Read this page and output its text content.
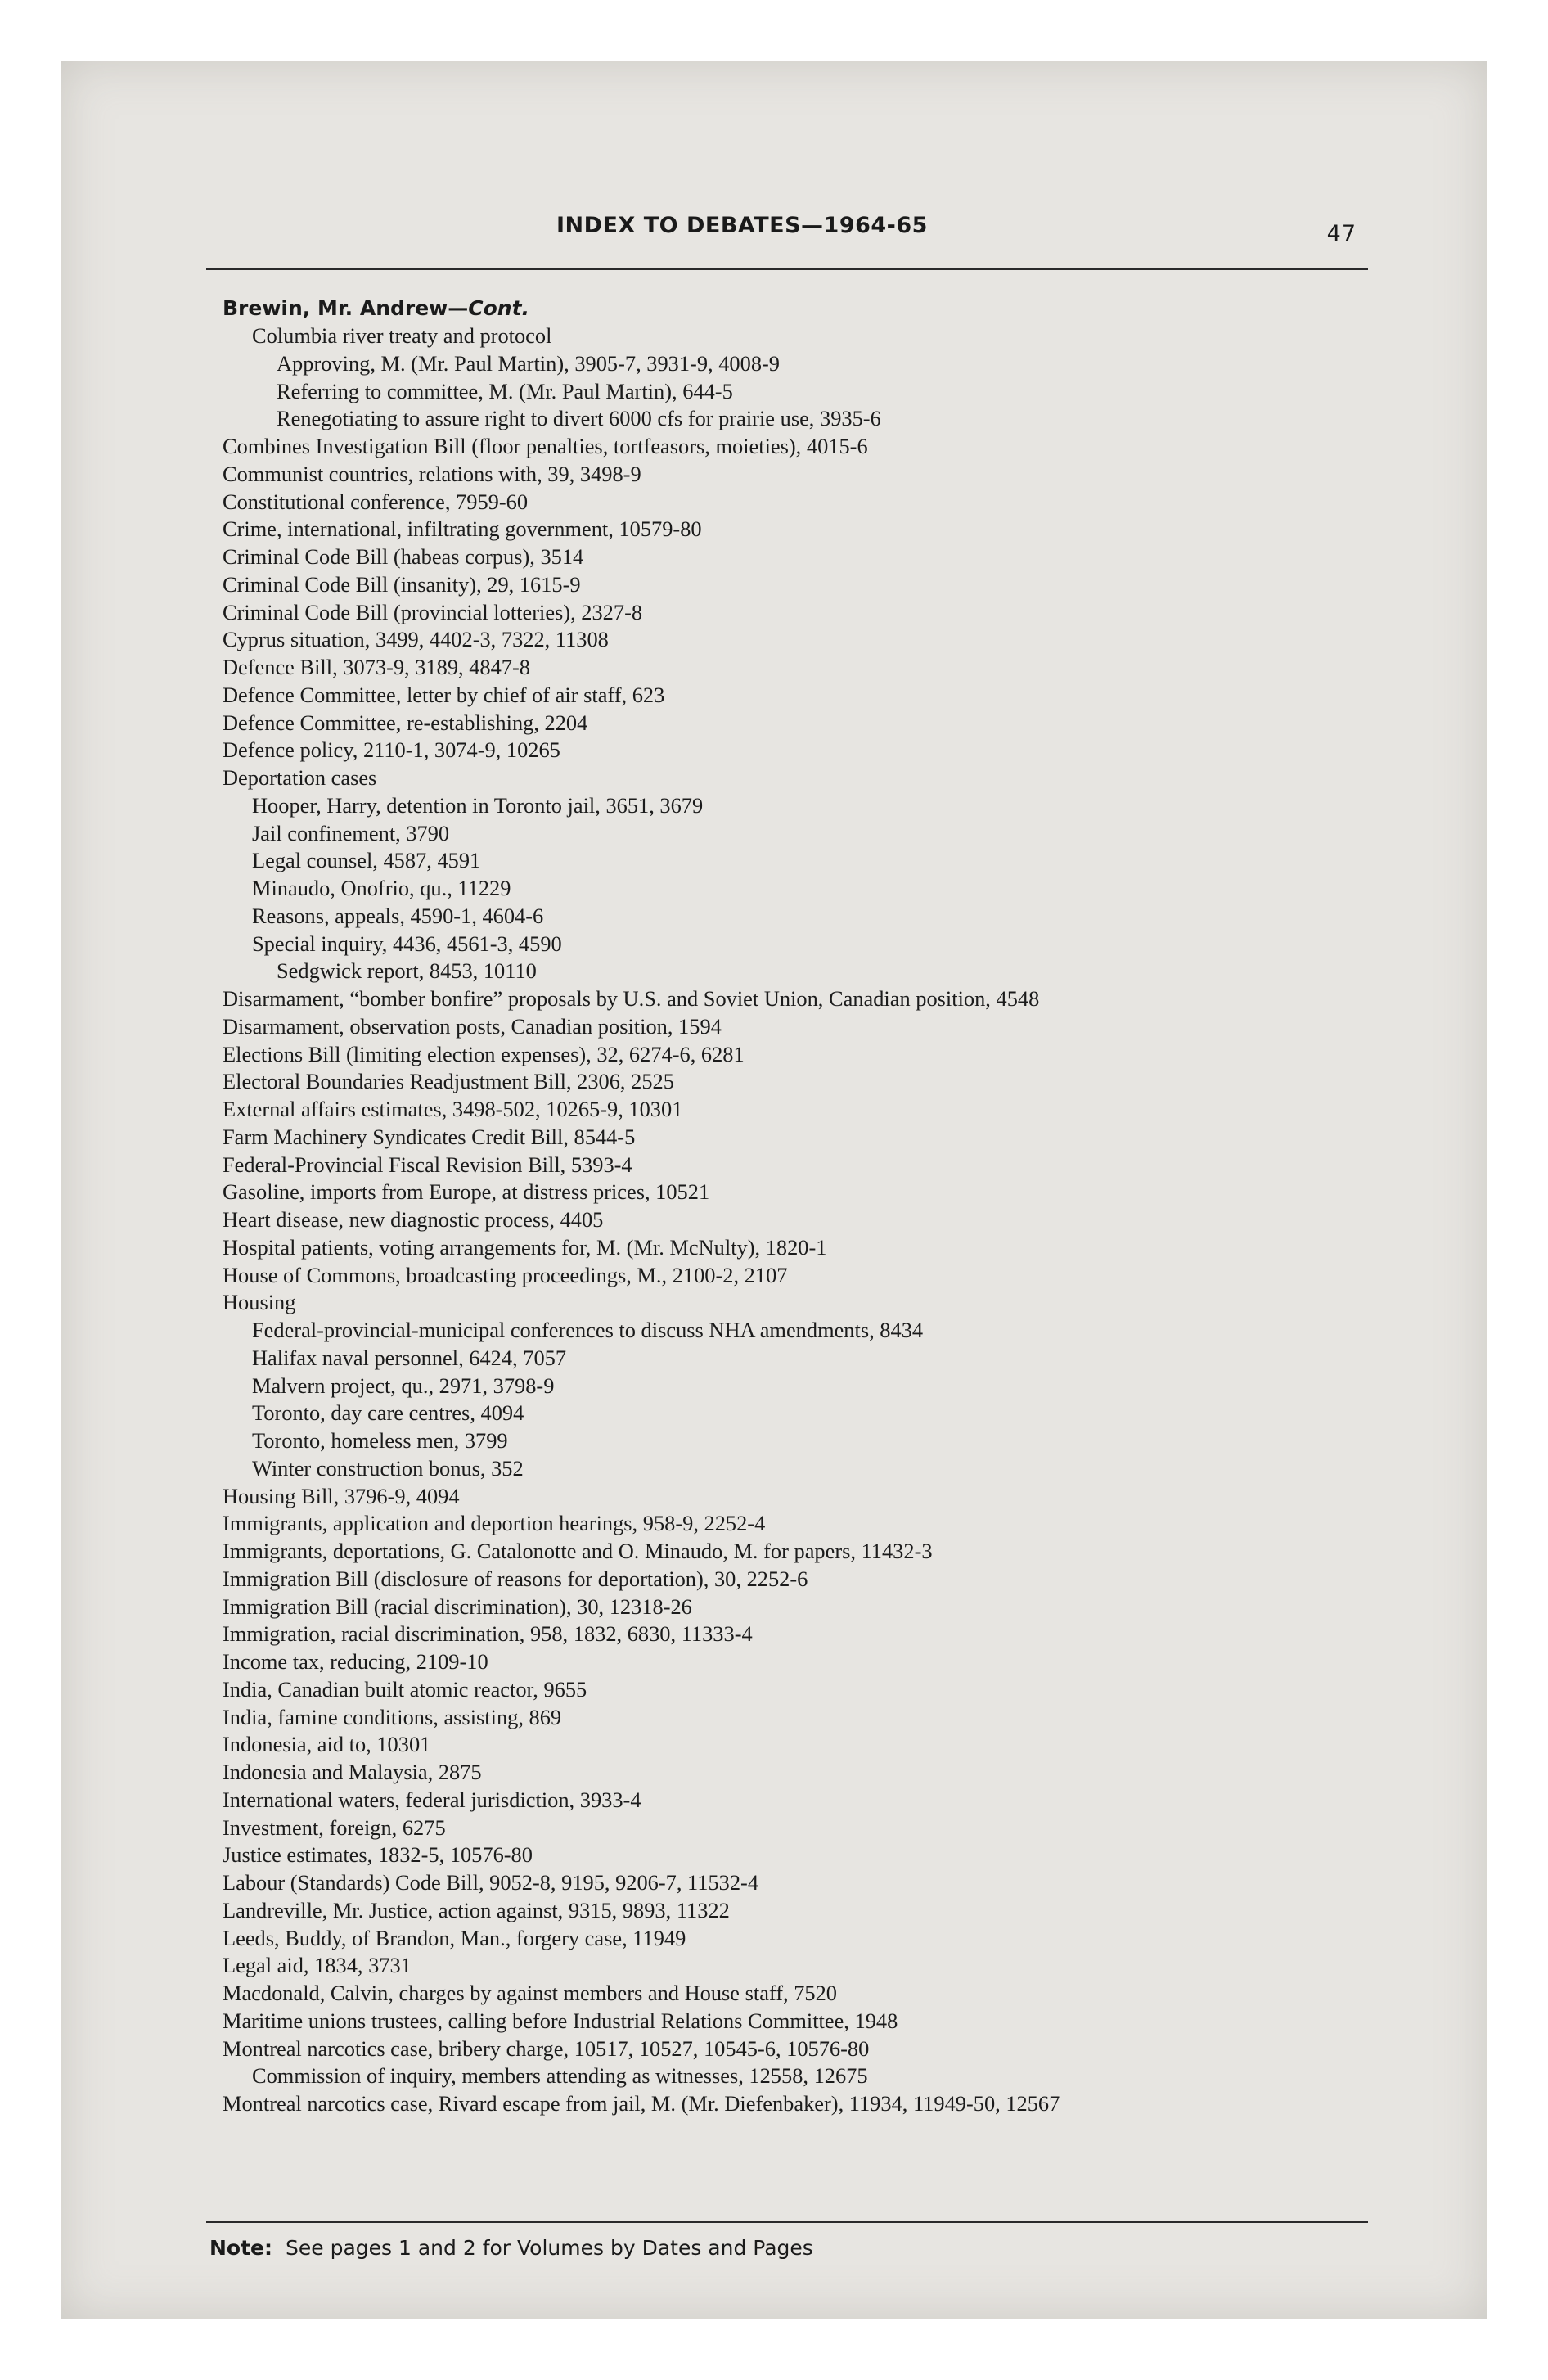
INDEX TO DEBATES—1964-65	47
Brewin, Mr. Andrew—Cont.
Columbia river treaty and protocol
Approving, M. (Mr. Paul Martin), 3905-7, 3931-9, 4008-9
Referring to committee, M. (Mr. Paul Martin), 644-5
Renegotiating to assure right to divert 6000 cfs for prairie use, 3935-6
Combines Investigation Bill (floor penalties, tortfeasors, moieties), 4015-6
Communist countries, relations with, 39, 3498-9
Constitutional conference, 7959-60
Crime, international, infiltrating government, 10579-80
Criminal Code Bill (habeas corpus), 3514
Criminal Code Bill (insanity), 29, 1615-9
Criminal Code Bill (provincial lotteries), 2327-8
Cyprus situation, 3499, 4402-3, 7322, 11308
Defence Bill, 3073-9, 3189, 4847-8
Defence Committee, letter by chief of air staff, 623
Defence Committee, re-establishing, 2204
Defence policy, 2110-1, 3074-9, 10265
Deportation cases
Hooper, Harry, detention in Toronto jail, 3651, 3679
Jail confinement, 3790
Legal counsel, 4587, 4591
Minaudo, Onofrio, qu., 11229
Reasons, appeals, 4590-1, 4604-6
Special inquiry, 4436, 4561-3, 4590
Sedgwick report, 8453, 10110
Disarmament, “bomber bonfire” proposals by U.S. and Soviet Union, Canadian position, 4548
Disarmament, observation posts, Canadian position, 1594
Elections Bill (limiting election expenses), 32, 6274-6, 6281
Electoral Boundaries Readjustment Bill, 2306, 2525
External affairs estimates, 3498-502, 10265-9, 10301
Farm Machinery Syndicates Credit Bill, 8544-5
Federal-Provincial Fiscal Revision Bill, 5393-4
Gasoline, imports from Europe, at distress prices, 10521
Heart disease, new diagnostic process, 4405
Hospital patients, voting arrangements for, M. (Mr. McNulty), 1820-1
House of Commons, broadcasting proceedings, M., 2100-2, 2107
Housing
Federal-provincial-municipal conferences to discuss NHA amendments, 8434
Halifax naval personnel, 6424, 7057
Malvern project, qu., 2971, 3798-9
Toronto, day care centres, 4094
Toronto, homeless men, 3799
Winter construction bonus, 352
Housing Bill, 3796-9, 4094
Immigrants, application and deportion hearings, 958-9, 2252-4
Immigrants, deportations, G. Catalonotte and O. Minaudo, M. for papers, 11432-3
Immigration Bill (disclosure of reasons for deportation), 30, 2252-6
Immigration Bill (racial discrimination), 30, 12318-26
Immigration, racial discrimination, 958, 1832, 6830, 11333-4
Income tax, reducing, 2109-10
India, Canadian built atomic reactor, 9655
India, famine conditions, assisting, 869
Indonesia, aid to, 10301
Indonesia and Malaysia, 2875
International waters, federal jurisdiction, 3933-4
Investment, foreign, 6275
Justice estimates, 1832-5, 10576-80
Labour (Standards) Code Bill, 9052-8, 9195, 9206-7, 11532-4
Landreville, Mr. Justice, action against, 9315, 9893, 11322
Leeds, Buddy, of Brandon, Man., forgery case, 11949
Legal aid, 1834, 3731
Macdonald, Calvin, charges by against members and House staff, 7520
Maritime unions trustees, calling before Industrial Relations Committee, 1948
Montreal narcotics case, bribery charge, 10517, 10527, 10545-6, 10576-80
Commission of inquiry, members attending as witnesses, 12558, 12675
Montreal narcotics case, Rivard escape from jail, M. (Mr. Diefenbaker), 11934, 11949-50, 12567
Note: See pages 1 and 2 for Volumes by Dates and Pages
